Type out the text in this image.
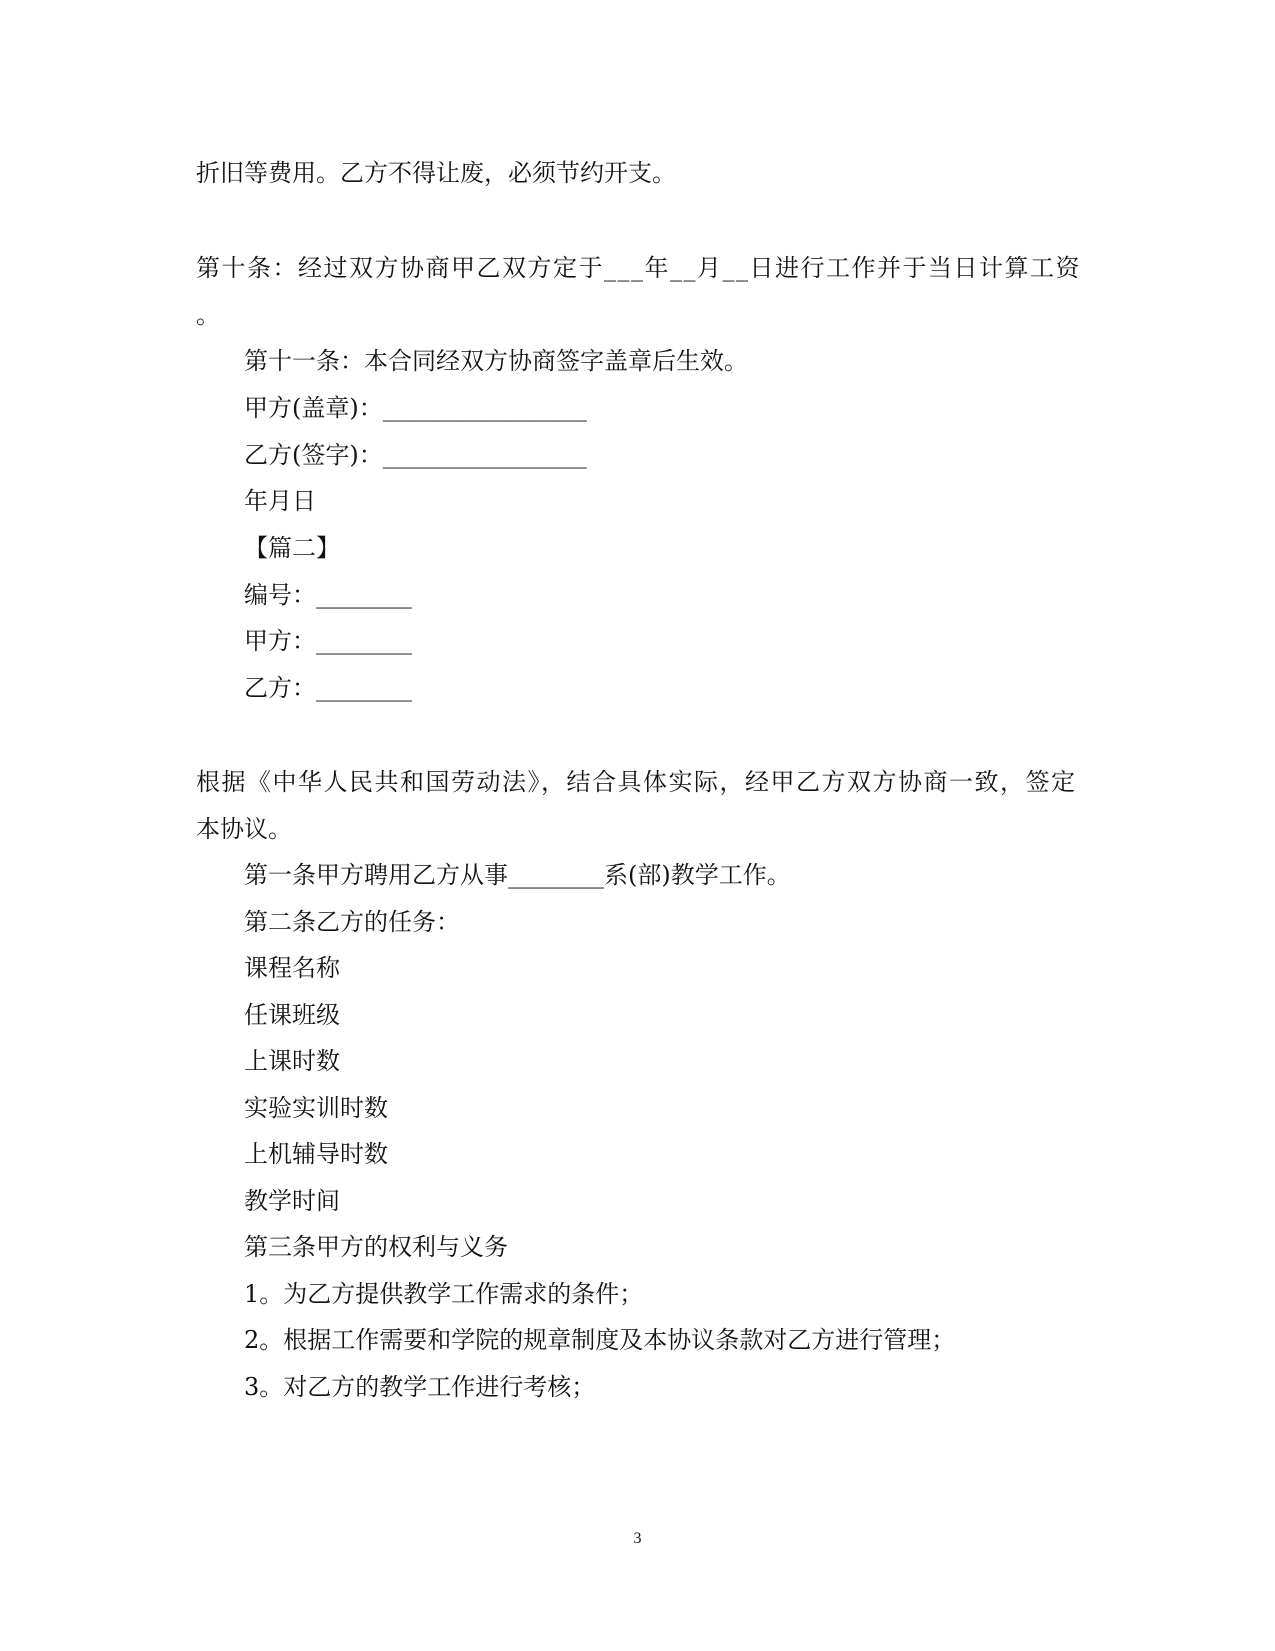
折旧等费用。乙方不得让废，必须节约开支。
第十条：经过双方协商甲乙双方定于___年__月__日进行工作并于当日计算工资
。
第十一条：本合同经双方协商签字盖章后生效。
甲方(盖章)：_________________
乙方(签字)：_________________
年月日
【篇二】
编号：________
甲方：________
乙方：________
根据《中华人民共和国劳动法》，结合具体实际，经甲乙方双方协商一致，签定
本协议。
第一条甲方聘用乙方从事________系(部)教学工作。
第二条乙方的任务：
课程名称
任课班级
上课时数
实验实训时数
上机辅导时数
教学时间
第三条甲方的权利与义务
1。为乙方提供教学工作需求的条件；
2。根据工作需要和学院的规章制度及本协议条款对乙方进行管理；
3。对乙方的教学工作进行考核；
3
